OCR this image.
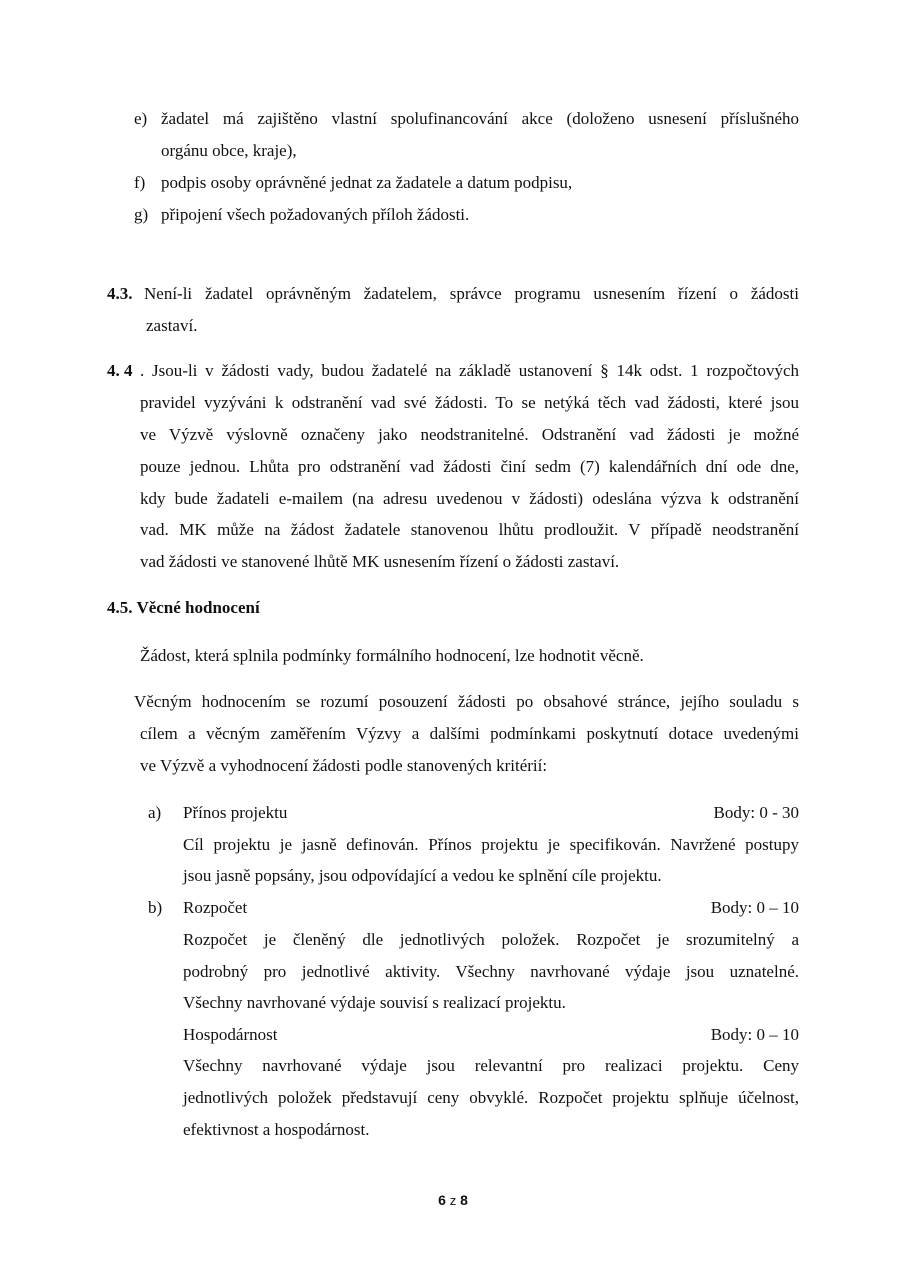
e) žadatel má zajištěno vlastní spolufinancování akce (doloženo usnesení příslušného
orgánu obce, kraje),
f) podpis osoby oprávněné jednat za žadatele a datum podpisu,
g) připojení všech požadovaných příloh žádosti.
4.3. Není-li žadatel oprávněným žadatelem, správce programu usnesením řízení o žádosti
zastaví.
4. 4 . Jsou-li v žádosti vady, budou žadatelé na základě ustanovení § 14k odst. 1 rozpočtových
pravidel vyzýváni k odstranění vad své žádosti. To se netýká těch vad žádosti, které jsou
ve Výzvě výslovně označeny jako neodstranitelné. Odstranění vad žádosti je možné
pouze jednou. Lhůta pro odstranění vad žádosti činí sedm (7) kalendářních dní ode dne,
kdy bude žadateli e-mailem (na adresu uvedenou v žádosti) odeslána výzva k odstranění
vad. MK může na žádost žadatele stanovenou lhůtu prodloužit. V případě neodstranění
vad žádosti ve stanovené lhůtě MK usnesením řízení o žádosti zastaví.
4.5. Věcné hodnocení
Žádost, která splnila podmínky formálního hodnocení, lze hodnotit věcně.
Věcným hodnocením se rozumí posouzení žádosti po obsahové stránce, jejího souladu s
cílem a věcným zaměřením Výzvy a dalšími podmínkami poskytnutí dotace uvedenými
ve Výzvě a vyhodnocení žádosti podle stanovených kritérií:
a) Přínos projektu	Body: 0 - 30
Cíl projektu je jasně definován. Přínos projektu je specifikován. Navržené postupy
jsou jasně popsány, jsou odpovídající a vedou ke splnění cíle projektu.
b) Rozpočet	Body: 0 – 10
Rozpočet je členěný dle jednotlivých položek. Rozpočet je srozumitelný a
podrobný pro jednotlivé aktivity. Všechny navrhované výdaje jsou uznatelné.
Všechny navrhované výdaje souvisí s realizací projektu.
Hospodárnost	Body: 0 – 10
Všechny navrhované výdaje jsou relevantní pro realizaci projektu. Ceny
jednotlivých položek představují ceny obvyklé. Rozpočet projektu splňuje účelnost,
efektivnost a hospodárnost.
6 z 8
